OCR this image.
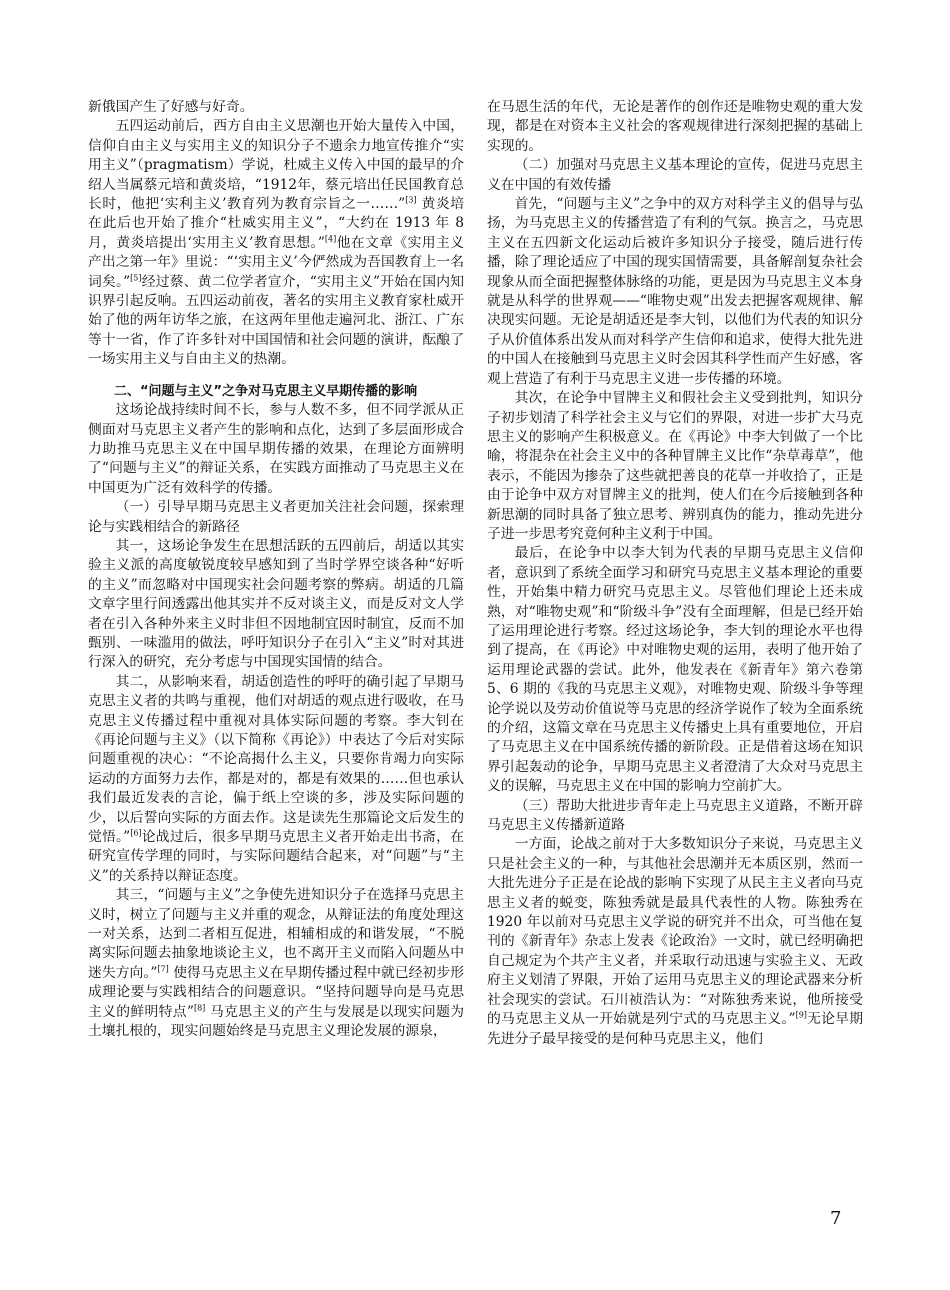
新俄国产生了好感与好奇。

五四运动前后，西方自由主义思潮也开始大量传入中国，信仰自由主义与实用主义的知识分子不遗余力地宣传推介“实用主义”（pragmatism）学说，杜威主义传入中国的最早的介绍人当属蔡元培和黄炎培，“1912年，蔡元培出任民国教育总长时，他把‘实利主义’教育列为教育宗旨之一……”[3] 黄炎培在此后也开始了推介“杜威实用主义”，“大约在 1913 年 8 月，黄炎培提出‘实用主义’教育思想。”[4]他在文章《实用主义产出之第一年》里说：“‘实用主义’今俨然成为吾国教育上一名词矣。”[5]经过蔡、黄二位学者宣介，“实用主义”开始在国内知识界引起反响。五四运动前夜，著名的实用主义教育家杜威开始了他的两年访华之旅，在这两年里他走遍河北、浙江、广东等十一省，作了许多针对中国国情和社会问题的演讲，酝酿了一场实用主义与自由主义的热潮。

二、“问题与主义”之争对马克思主义早期传播的影响

这场论战持续时间不长，参与人数不多，但不同学派从正侧面对马克思主义者产生的影响和点化，达到了多层面形成合力助推马克思主义在中国早期传播的效果，在理论方面辨明了“问题与主义”的辩证关系，在实践方面推动了马克思主义在中国更为广泛有效科学的传播。

（一）引导早期马克思主义者更加关注社会问题，探索理论与实践相结合的新路径

其一，这场论争发生在思想活跃的五四前后，胡适以其实验主义派的高度敏锐度较早感知到了当时学界空谈各种“好听的主义”而忽略对中国现实社会问题考察的弊病。胡适的几篇文章字里行间透露出他其实并不反对谈主义，而是反对文人学者在引入各种外来主义时非但不因地制宜因时制宜，反而不加甄别、一味滥用的做法，呼吁知识分子在引入“主义”时对其进行深入的研究，充分考虑与中国现实国情的结合。

其二，从影响来看，胡适创造性的呼吁的确引起了早期马克思主义者的共鸣与重视，他们对胡适的观点进行吸收，在马克思主义传播过程中重视对具体实际问题的考察。李大钊在《再论问题与主义》（以下简称《再论》）中表达了今后对实际问题重视的决心：“不论高揭什么主义，只要你肯竭力向实际运动的方面努力去作，都是对的，都是有效果的……但也承认我们最近发表的言论，偏于纸上空谈的多，涉及实际问题的少，以后誓向实际的方面去作。这是读先生那篇论文后发生的觉悟。”[6]论战过后，很多早期马克思主义者开始走出书斋，在研究宣传学理的同时，与实际问题结合起来，对“问题”与“主义”的关系持以辩证态度。

其三，“问题与主义”之争使先进知识分子在选择马克思主义时，树立了问题与主义并重的观念，从辩证法的角度处理这一对关系，达到二者相互促进，相辅相成的和谐发展，“不脱离实际问题去抽象地谈论主义，也不离开主义而陷入问题丛中迷失方向。”[7] 使得马克思主义在早期传播过程中就已经初步形成理论要与实践相结合的问题意识。“坚持问题导向是马克思主义的鲜明特点”[8] 马克思主义的产生与发展是以现实问题为土壤扎根的，现实问题始终是马克思主义理论发展的源泉，

在马恩生活的年代，无论是著作的创作还是唯物史观的重大发现，都是在对资本主义社会的客观规律进行深刻把握的基础上实现的。

（二）加强对马克思主义基本理论的宣传，促进马克思主义在中国的有效传播

首先，“问题与主义”之争中的双方对科学主义的倡导与弘扬，为马克思主义的传播营造了有利的气氛。换言之，马克思主义在五四新文化运动后被许多知识分子接受，随后进行传播，除了理论适应了中国的现实国情需要，具备解剖复杂社会现象从而全面把握整体脉络的功能，更是因为马克思主义本身就是从科学的世界观——“唯物史观”出发去把握客观规律、解决现实问题。无论是胡适还是李大钊，以他们为代表的知识分子从价值体系出发从而对科学产生信仰和追求，使得大批先进的中国人在接触到马克思主义时会因其科学性而产生好感，客观上营造了有利于马克思主义进一步传播的环境。

其次，在论争中冒牌主义和假社会主义受到批判，知识分子初步划清了科学社会主义与它们的界限，对进一步扩大马克思主义的影响产生积极意义。在《再论》中李大钊做了一个比喻，将混杂在社会主义中的各种冒牌主义比作“杂草毒草”，他表示，不能因为掺杂了这些就把善良的花草一并收拾了，正是由于论争中双方对冒牌主义的批判，使人们在今后接触到各种新思潮的同时具备了独立思考、辨别真伪的能力，推动先进分子进一步思考究竟何种主义利于中国。

最后，在论争中以李大钊为代表的早期马克思主义信仰者，意识到了系统全面学习和研究马克思主义基本理论的重要性，开始集中精力研究马克思主义。尽管他们理论上还未成熟，对“唯物史观”和“阶级斗争”没有全面理解，但是已经开始了运用理论进行考察。经过这场论争，李大钊的理论水平也得到了提高，在《再论》中对唯物史观的运用，表明了他开始了运用理论武器的尝试。此外，他发表在《新青年》第六卷第 5、6 期的《我的马克思主义观》，对唯物史观、阶级斗争等理论学说以及劳动价值说等马克思的经济学说作了较为全面系统的介绍，这篇文章在马克思主义传播史上具有重要地位，开启了马克思主义在中国系统传播的新阶段。正是借着这场在知识界引起轰动的论争，早期马克思主义者澄清了大众对马克思主义的误解，马克思主义在中国的影响力空前扩大。

（三）帮助大批进步青年走上马克思主义道路，不断开辟马克思主义传播新道路

一方面，论战之前对于大多数知识分子来说，马克思主义只是社会主义的一种，与其他社会思潮并无本质区别，然而一大批先进分子正是在论战的影响下实现了从民主主义者向马克思主义者的蜕变，陈独秀就是最具代表性的人物。陈独秀在 1920 年以前对马克思主义学说的研究并不出众，可当他在复刊的《新青年》杂志上发表《论政治》一文时，就已经明确把自己规定为个共产主义者，并采取行动迅速与实验主义、无政府主义划清了界限，开始了运用马克思主义的理论武器来分析社会现实的尝试。石川祯浩认为：“对陈独秀来说，他所接受的马克思主义从一开始就是列宁式的马克思主义。”[9]无论早期先进分子最早接受的是何种马克思主义，他们

7
